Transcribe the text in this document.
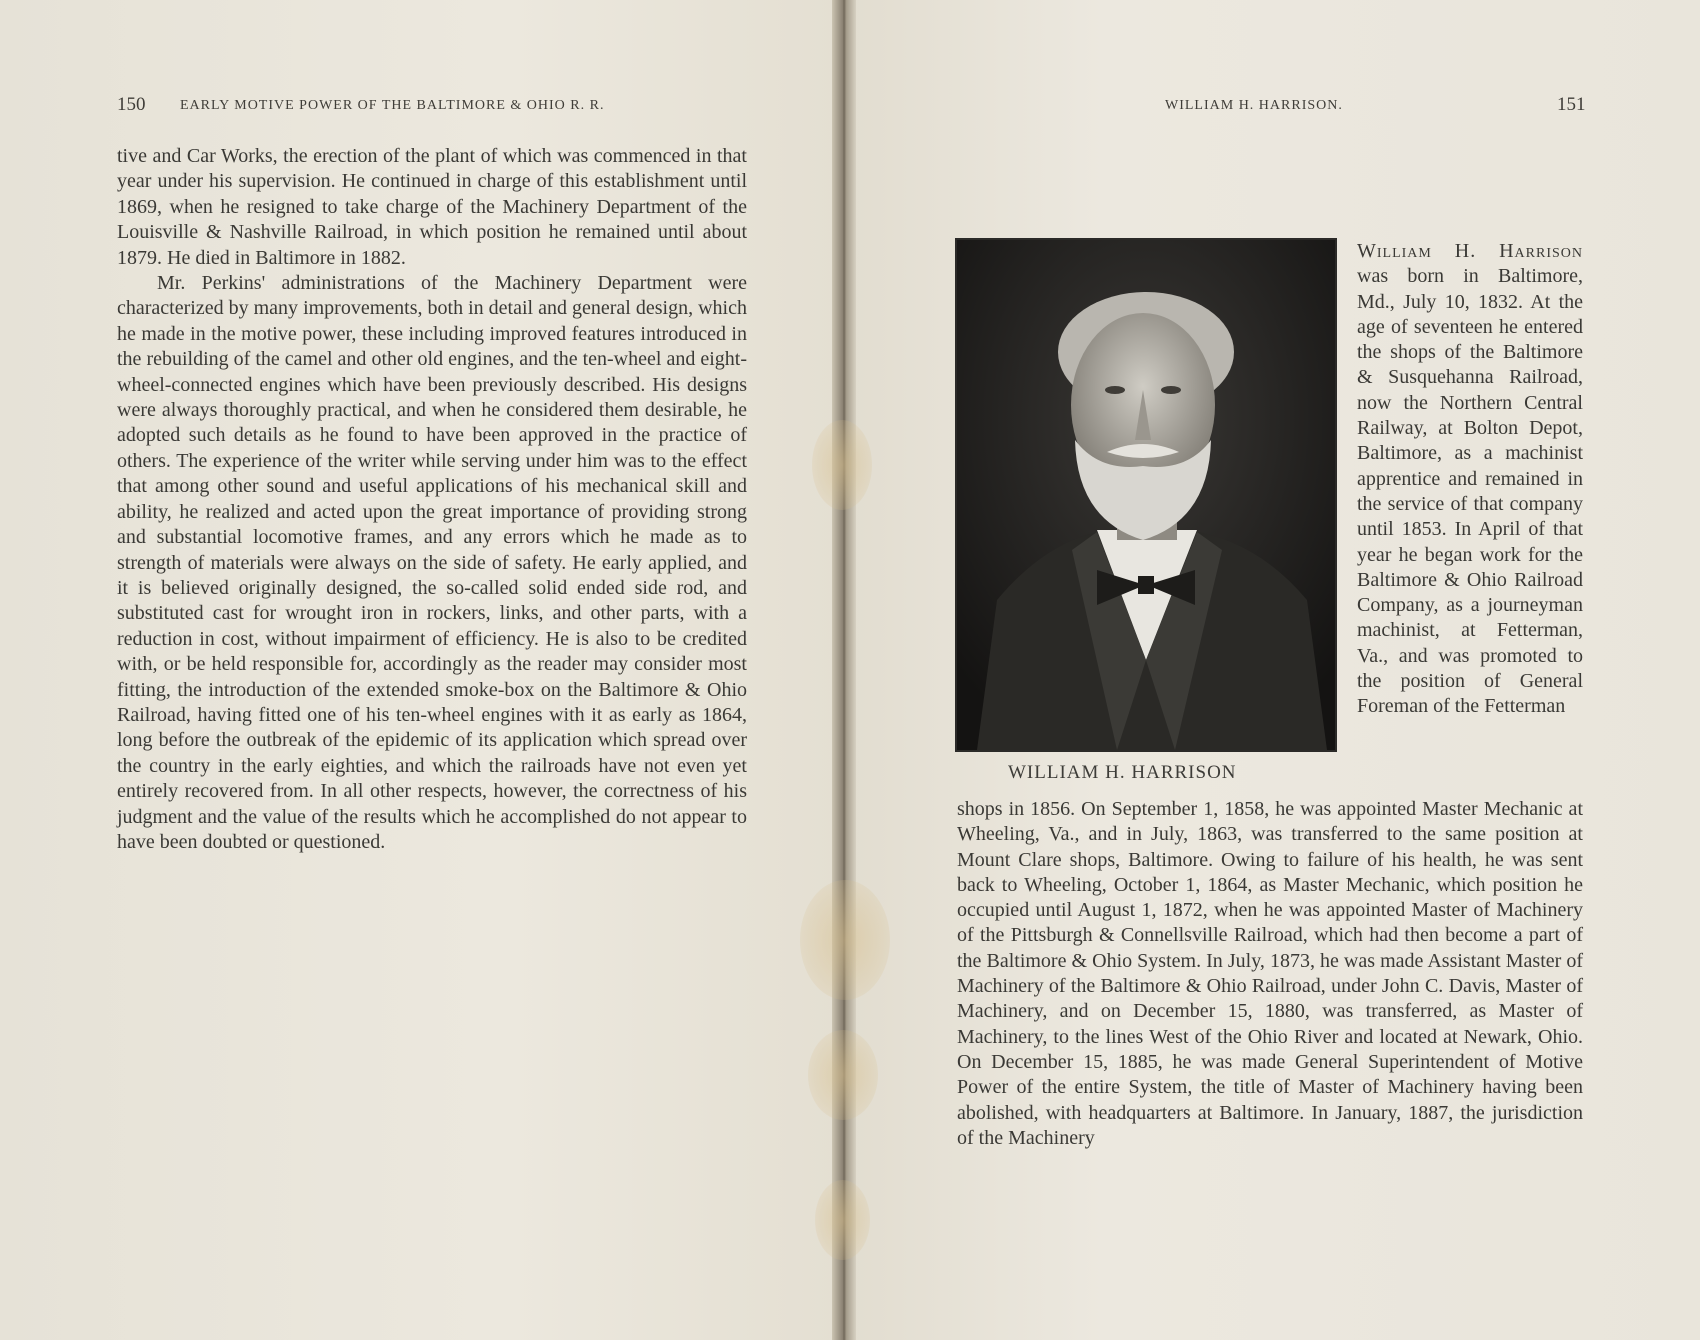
150 EARLY MOTIVE POWER OF THE BALTIMORE & OHIO R. R.

tive and Car Works, the erection of the plant of which was commenced in that year under his supervision. He continued in charge of this establishment until 1869, when he resigned to take charge of the Machinery Department of the Louisville & Nashville Railroad, in which position he remained until about 1879. He died in Baltimore in 1882.

Mr. Perkins' administrations of the Machinery Department were characterized by many improvements, both in detail and general design, which he made in the motive power, these including improved features introduced in the rebuilding of the camel and other old engines, and the ten-wheel and eight-wheel-connected engines which have been previously described. His designs were always thoroughly practical, and when he considered them desirable, he adopted such details as he found to have been approved in the practice of others. The experience of the writer while serving under him was to the effect that among other sound and useful applications of his mechanical skill and ability, he realized and acted upon the great importance of providing strong and substantial locomotive frames, and any errors which he made as to strength of materials were always on the side of safety. He early applied, and it is believed originally designed, the so-called solid ended side rod, and substituted cast for wrought iron in rockers, links, and other parts, with a reduction in cost, without impairment of efficiency. He is also to be credited with, or be held responsible for, accordingly as the reader may consider most fitting, the introduction of the extended smoke-box on the Baltimore & Ohio Railroad, having fitted one of his ten-wheel engines with it as early as 1864, long before the outbreak of the epidemic of its application which spread over the country in the early eighties, and which the railroads have not even yet entirely recovered from. In all other respects, however, the correctness of his judgment and the value of the results which he accomplished do not appear to have been doubted or questioned.

WILLIAM H. HARRISON.	151
WILLIAM H. HARRISON

William H. Harrison was born in Baltimore, Md., July 10, 1832. At the age of seventeen he entered the shops of the Baltimore & Susquehanna Railroad, now the Northern Central Railway, at Bolton Depot, Baltimore, as a machinist apprentice and remained in the service of that company until 1853. In April of that year he began work for the Baltimore & Ohio Railroad Company, as a journeyman machinist, at Fetterman, Va., and was promoted to the position of General Foreman of the Fetterman

shops in 1856. On September 1, 1858, he was appointed Master Mechanic at Wheeling, Va., and in July, 1863, was transferred to the same position at Mount Clare shops, Baltimore. Owing to failure of his health, he was sent back to Wheeling, October 1, 1864, as Master Mechanic, which position he occupied until August 1, 1872, when he was appointed Master of Machinery of the Pittsburgh & Connellsville Railroad, which had then become a part of the Baltimore & Ohio System. In July, 1873, he was made Assistant Master of Machinery of the Baltimore & Ohio Railroad, under John C. Davis, Master of Machinery, and on December 15, 1880, was transferred, as Master of Machinery, to the lines West of the Ohio River and located at Newark, Ohio. On December 15, 1885, he was made General Superintendent of Motive Power of the entire System, the title of Master of Machinery having been abolished, with headquarters at Baltimore. In January, 1887, the jurisdiction of the Machinery
